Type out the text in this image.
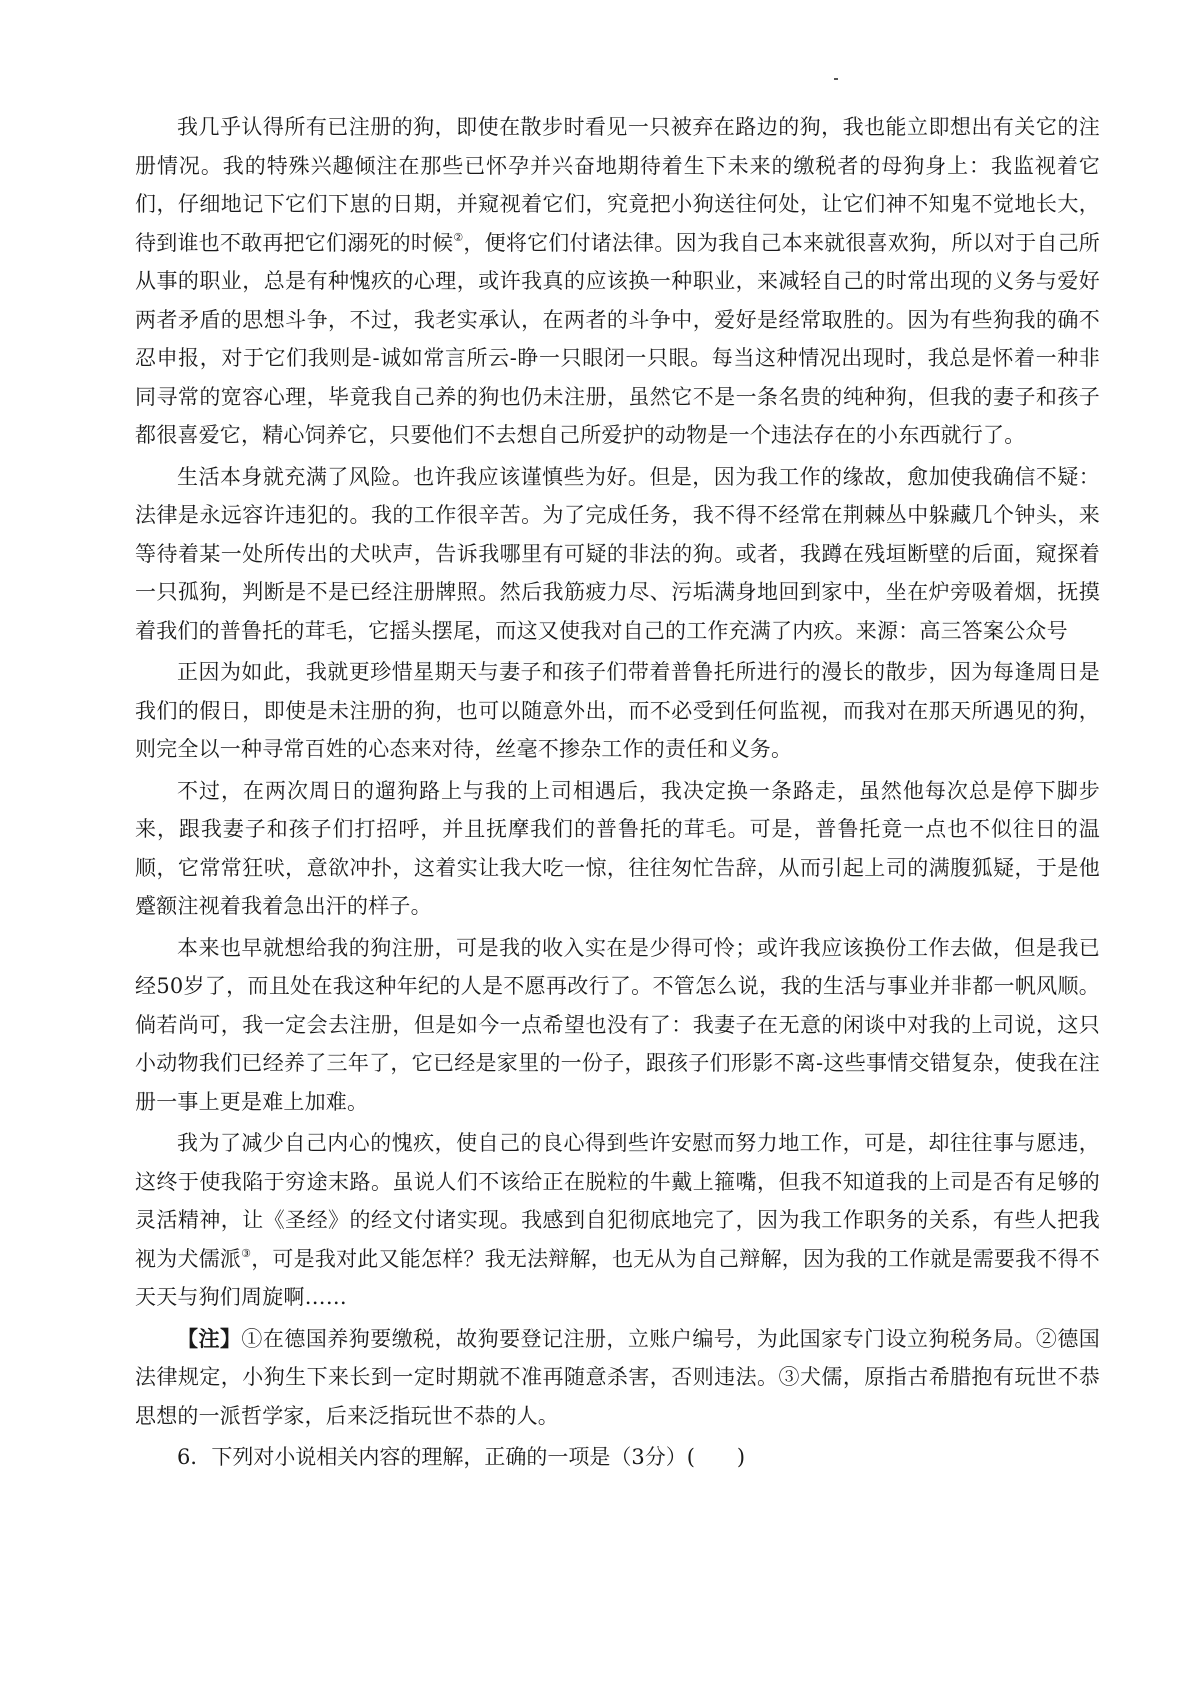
我几乎认得所有已注册的狗，即使在散步时看见一只被弃在路边的狗，我也能立即想出有关它的注册情况。我的特殊兴趣倾注在那些已怀孕并兴奋地期待着生下未来的缴税者的母狗身上：我监视着它们，仔细地记下它们下崽的日期，并窥视着它们，究竟把小狗送往何处，让它们神不知鬼不觉地长大，待到谁也不敢再把它们溺死的时候②，便将它们付诸法律。因为我自己本来就很喜欢狗，所以对于自己所从事的职业，总是有种愧疚的心理，或许我真的应该换一种职业，来减轻自己的时常出现的义务与爱好两者矛盾的思想斗争，不过，我老实承认，在两者的斗争中，爱好是经常取胜的。因为有些狗我的确不忍申报，对于它们我则是-诚如常言所云-睁一只眼闭一只眼。每当这种情况出现时，我总是怀着一种非同寻常的宽容心理，毕竟我自己养的狗也仍未注册，虽然它不是一条名贵的纯种狗，但我的妻子和孩子都很喜爱它，精心饲养它，只要他们不去想自己所爱护的动物是一个违法存在的小东西就行了。

生活本身就充满了风险。也许我应该谨慎些为好。但是，因为我工作的缘故，愈加使我确信不疑：法律是永远容许违犯的。我的工作很辛苦。为了完成任务，我不得不经常在荆棘丛中躲藏几个钟头，来等待着某一处所传出的犬吠声，告诉我哪里有可疑的非法的狗。或者，我蹲在残垣断壁的后面，窥探着一只孤狗，判断是不是已经注册牌照。然后我筋疲力尽、污垢满身地回到家中，坐在炉旁吸着烟，抚摸着我们的普鲁托的茸毛，它摇头摆尾，而这又使我对自己的工作充满了内疚。来源：高三答案公众号

正因为如此，我就更珍惜星期天与妻子和孩子们带着普鲁托所进行的漫长的散步，因为每逢周日是我们的假日，即使是未注册的狗，也可以随意外出，而不必受到任何监视，而我对在那天所遇见的狗，则完全以一种寻常百姓的心态来对待，丝毫不掺杂工作的责任和义务。

不过，在两次周日的遛狗路上与我的上司相遇后，我决定换一条路走，虽然他每次总是停下脚步来，跟我妻子和孩子们打招呼，并且抚摩我们的普鲁托的茸毛。可是，普鲁托竟一点也不似往日的温顺，它常常狂吠，意欲冲扑，这着实让我大吃一惊，往往匆忙告辞，从而引起上司的满腹狐疑，于是他蹙额注视着我着急出汗的样子。

本来也早就想给我的狗注册，可是我的收入实在是少得可怜；或许我应该换份工作去做，但是我已经50岁了，而且处在我这种年纪的人是不愿再改行了。不管怎么说，我的生活与事业并非都一帆风顺。倘若尚可，我一定会去注册，但是如今一点希望也没有了：我妻子在无意的闲谈中对我的上司说，这只小动物我们已经养了三年了，它已经是家里的一份子，跟孩子们形影不离-这些事情交错复杂，使我在注册一事上更是难上加难。

我为了减少自己内心的愧疚，使自己的良心得到些许安慰而努力地工作，可是，却往往事与愿违，这终于使我陷于穷途末路。虽说人们不该给正在脱粒的牛戴上箍嘴，但我不知道我的上司是否有足够的灵活精神，让《圣经》的经文付诸实现。我感到自犯彻底地完了，因为我工作职务的关系，有些人把我视为犬儒派③，可是我对此又能怎样？我无法辩解，也无从为自己辩解，因为我的工作就是需要我不得不天天与狗们周旋啊……

【注】①在德国养狗要缴税，故狗要登记注册，立账户编号，为此国家专门设立狗税务局。②德国法律规定，小狗生下来长到一定时期就不准再随意杀害，否则违法。③犬儒，原指古希腊抱有玩世不恭思想的一派哲学家，后来泛指玩世不恭的人。

6．下列对小说相关内容的理解，正确的一项是（3分）(　　)
